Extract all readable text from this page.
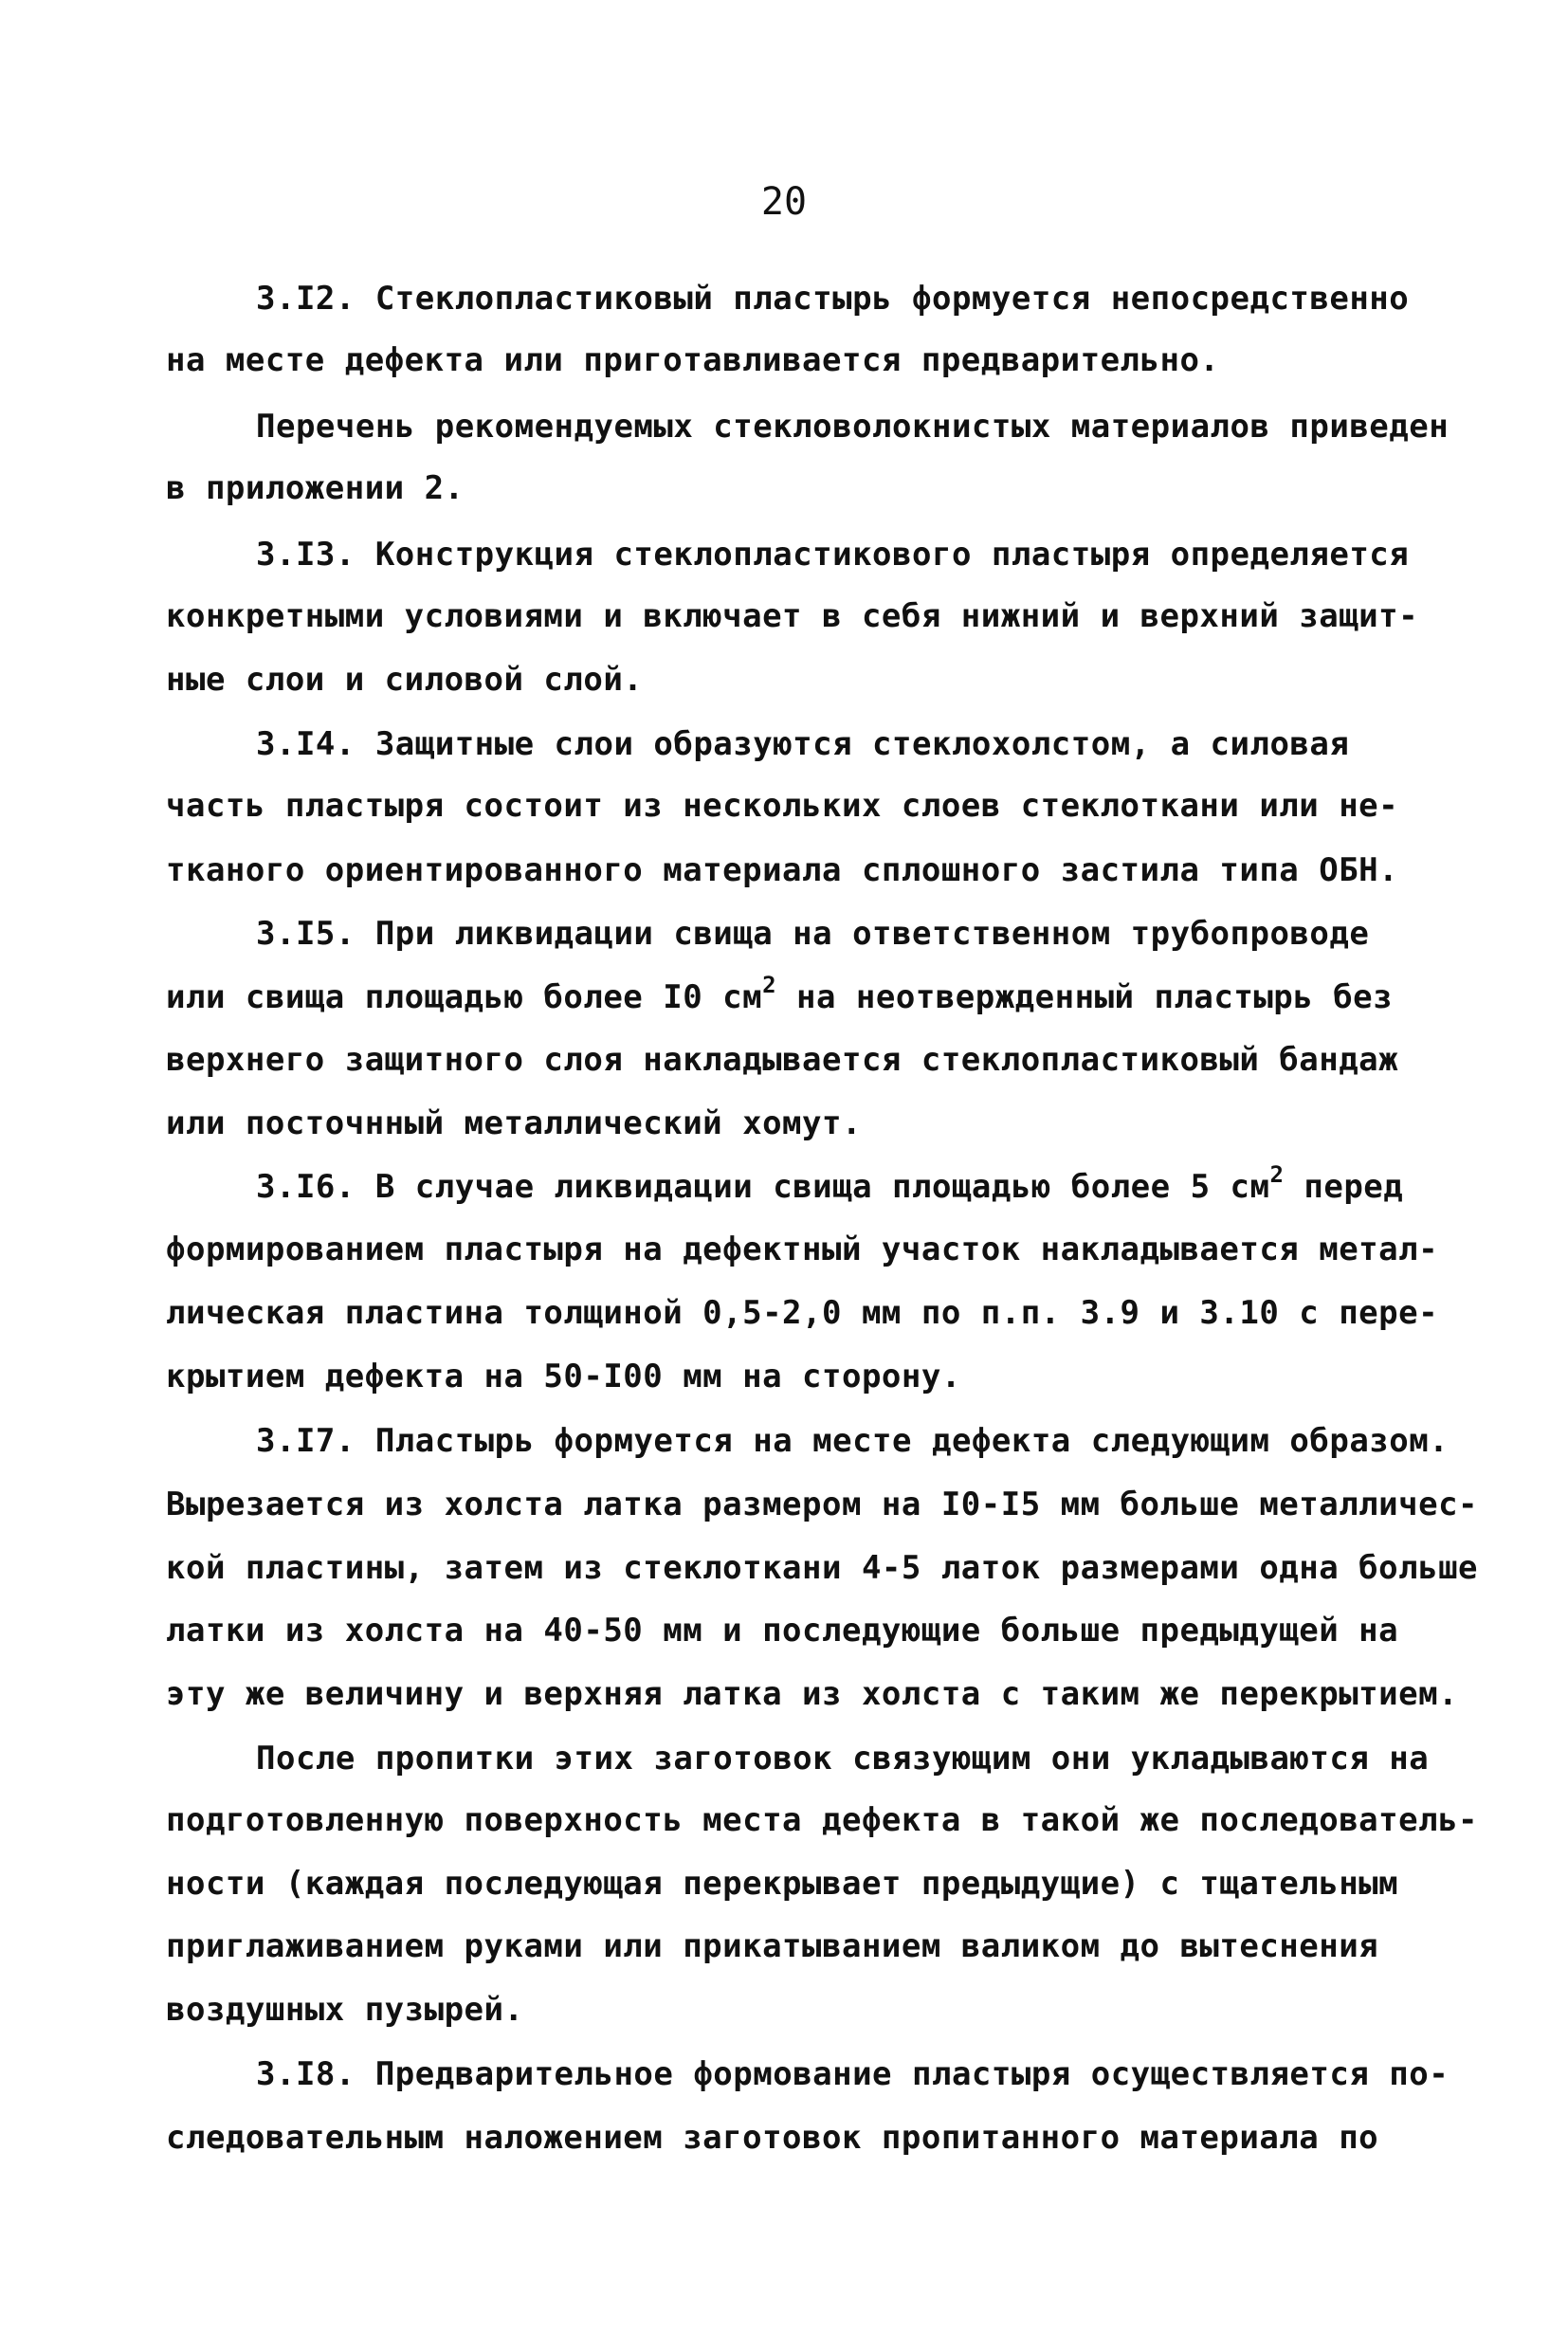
20
3.I2. Стеклопластиковый пластырь формуется непосредственно
на месте дефекта или приготавливается предварительно.
Перечень рекомендуемых стекловолокнистых материалов приведен
в приложении 2.
3.I3. Конструкция стеклопластикового пластыря определяется
конкретными условиями и включает в себя нижний и верхний защит-
ные слои и силовой слой.
3.I4. Защитные слои образуются стеклохолстом, а силовая
часть пластыря состоит из нескольких слоев стеклоткани или не-
тканого ориентированного материала сплошного застила типа ОБН.
3.I5. При ликвидации свища на ответственном трубопроводе
или свища площадью более I0 $см^2$ на неотвержденный пластырь без
верхнего защитного слоя накладывается стеклопластиковый бандаж
или посточнный металлический хомут.
3.I6. В случае ликвидации свища площадью более 5 $см^2$ перед
формированием пластыря на дефектный участок накладывается метал-
лическая пластина толщиной 0,5-2,0 мм по п.п. 3.9 и 3.10 с пере-
крытием дефекта на 50-I00 мм на сторону.
3.I7. Пластырь формуется на месте дефекта следующим образом.
Вырезается из холста латка размером на I0-I5 мм больше металличес-
кой пластины, затем из стеклоткани 4-5 латок размерами одна больше
латки из холста на 40-50 мм и последующие больше предыдущей на
эту же величину и верхняя латка из холста с таким же перекрытием.
После пропитки этих заготовок связующим они укладываются на
подготовленную поверхность места дефекта в такой же последователь-
ности (каждая последующая перекрывает предыдущие) с тщательным
приглаживанием руками или прикатыванием валиком до вытеснения
воздушных пузырей.
3.I8. Предварительное формование пластыря осуществляется по-
следовательным наложением заготовок пропитанного материала по
